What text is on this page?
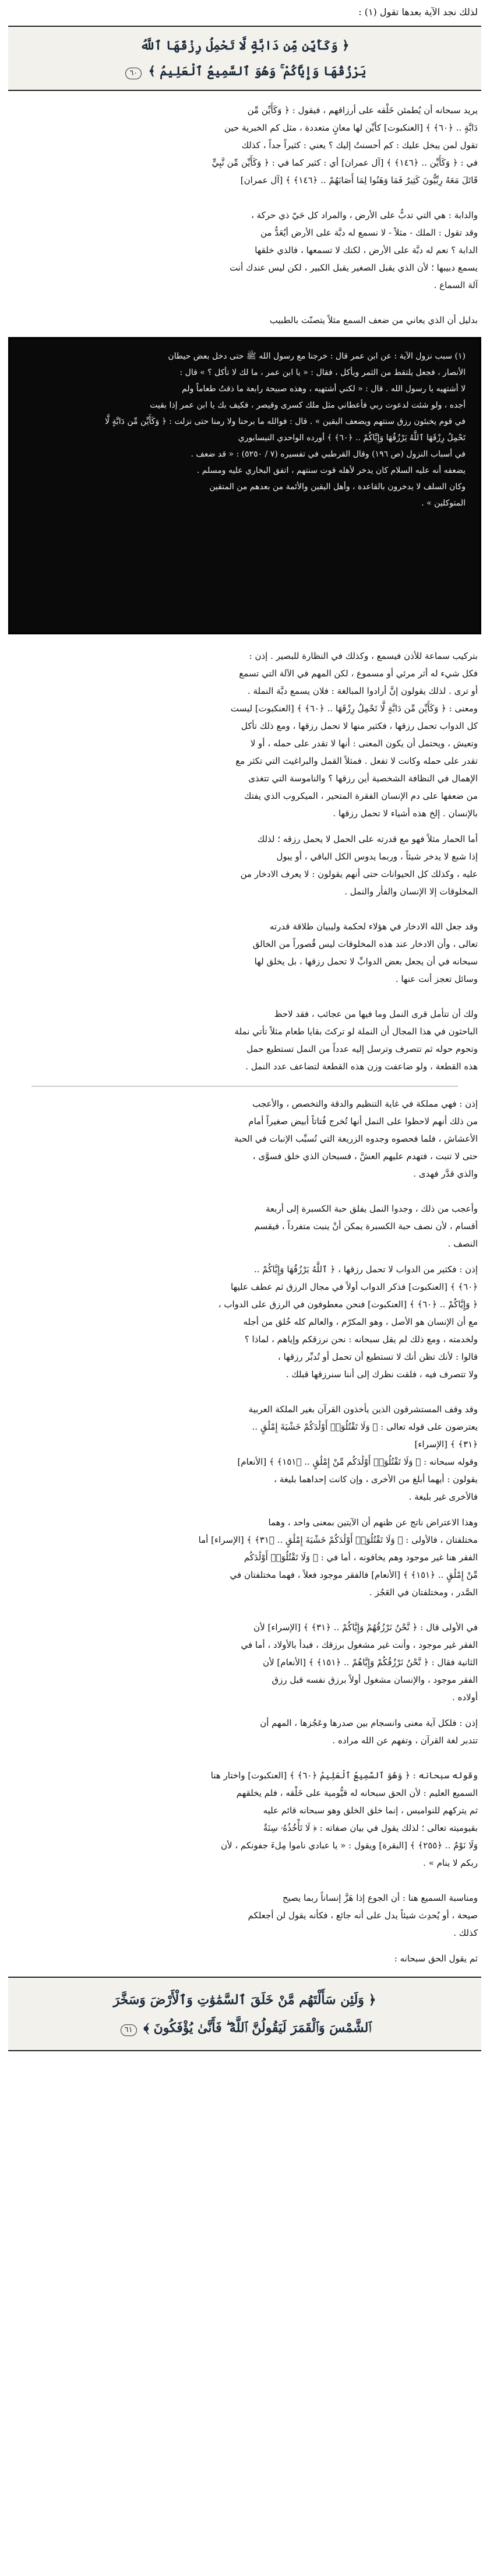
لذلك نجد الآية بعدها تقول (١) :
﴿ وَكَأَيِّن مِّن دَابَّةٍ لَّا تَحْمِلُ رِزْقَهَا ٱللَّهُ
يَرْزُقُهَا وَإِيَّاكُمْ ۚ وَهُوَ ٱلسَّمِيعُ ٱلْعَلِيمُ ﴾ ٦٠
يريد سبحانه أن يُطمئن خَلْقه على أرزاقهم ، فيقول : ﴿ وَكَأَيِّن مِّن
دَابَّةٍ .. ﴿٦٠﴾ ﴾ [العنكبوت] كأيِّن لها معانٍ متعددة ، مثل كم الخبرية حين
تقول لمن يبخل عليك : كم أحسنتُ إليك ؟ يعني : كثيراً جداً ، كذلك
في : ﴿ وَكَأَيِّن .. ﴿١٤٦﴾ ﴾ [آل عمران] أي : كثير كما في : ﴿ وَكَأَيِّن مِّن نَّبِيٍّ
قَاتَلَ مَعَهُ رِبِّيُّونَ كَثِيرٌ فَمَا وَهَنُوا لِمَا أَصَابَهُمْ .. ﴿١٤٦﴾ ﴾ [آل عمران]

والدابة : هي التي تدبُّ على الأرض ، والمراد كل حَيّ ذي حركة ،
وقد تقول : الملك - مثلاً - لا نسمع له دبَّة على الأرض أيُعَدُّ من
الدابة ؟ نعم له دبَّة على الأرض ، لكنك لا تسمعها ، فالذي خلقها
يسمع دبيبها ؛ لأن الذي يقبل الصغير يقبل الكبير ، لكن ليس عندك أنت
آلة السماع .

بدليل أن الذي يعاني من ضعف السمع مثلاً يتصنّت بالطبيب
(١) سبب نزول الآية : عن ابن عمر قال : خرجنا مع رسول الله ﷺ حتى دخل بعض حيطان
الأنصار ، فجعل يلتقط من الثمر ويأكل ، فقال : « يا ابن عمر ، ما لك لا تأكل ؟ » قال :
لا أشتهيه يا رسول الله . قال : « لكني أشتهيه ، وهذه صبيحة رابعة ما ذقتُ طعاماً ولم
أجده ، ولو شئت لدعوت ربي فأعطاني مثل ملك كسرى وقيصر ، فكيف بك يا ابن عمر إذا بقيت
في قوم يخبئون رزق سنتهم ويضعف اليقين » . قال : فوالله ما برحنا ولا رمنا حتى نزلت : ﴿ وَكَأَيِّن مِّن دَابَّةٍ لَّا
تَحْمِلُ رِزْقَهَا ٱللَّهُ يَرْزُقُهَا وَإِيَّاكُمْ .. ﴿٦٠﴾ ﴾ أورده الواحدي النيسابوري
في أسباب النزول (ص ١٩٦) وقال القرطبي في تفسيره (٧ / ٥٢٥٠) : « قد ضعف .
يضعفه أنه عليه السلام كان يدخر لأهله قوت سنتهم ، اتفق البخاري عليه ومسلم .
وكان السلف لا يدخرون بالقاعدة ، وأهل اليقين والأئمة من بعدهم من المتقين
المتوكلين » .
بتركيب سماعة للأذن فيسمع ، وكذلك في النظارة للبصير . إذن :
فكل شيء له أثر مرئي أو مسموع ، لكن المهم في الآلة التي تسمع
أو ترى . لذلك يقولون إنَّ أرادوا المبالغة : فلان يسمع دبَّة النملة .
ومعنى : ﴿ وَكَأَيِّن مِّن دَابَّةٍ لَّا تَحْمِلُ رِزْقَهَا .. ﴿٦٠﴾ ﴾ [العنكبوت] ليست
كل الدواب تحمل رزقها ، فكثير منها لا تحمل رزقها ، ومع ذلك تأكل
وتعيش ، ويحتمل أن يكون المعنى : أنها لا تقدر على حمله ، أو لا
تقدر على حمله وكانت لا تفعل . فمثلاً القمل والبراغيث التي تكثر مع
الإهمال في النظافة الشخصية أين رزقها ؟ والناموسة التي تتغذى
من ضعفها على دم الإنسان الفقرة المتحير ، الميكروب الذي يفتك
بالإنسان . إلخ هذه أشياء لا تحمل رزقها .
أما الحمار مثلاً فهو مع قدرته على الحمل لا يحمل رزقه ؛ لذلك
إذا شبع لا يدخر شيئاً ، وربما يدوس الكل الباقي ، أو يبول
عليه ، وكذلك كل الحيوانات حتى أنهم يقولون : لا يعرف الادخار من
المخلوقات إلا الإنسان والفأر والنمل .

وقد جعل الله الادخار في هؤلاء لحكمة وليبيان طلاقة قدرته
تعالى ، وأن الادخار عند هذه المخلوقات ليس قُصوراً من الخالق
سبحانه في أن يجعل بعض الدوابِّ لا تحمل رزقها ، بل يخلق لها
وسائل تعجز أنت عنها .

ولك أن تتأمل قرى النمل وما فيها من عجائب ، فقد لاحظ
الباحثون في هذا المجال أن النملة لو تركتَ بقايا طعام مثلاً تأتي نملة
وتحوم حوله ثم تتصرف وترسل إليه عدداً من النمل تستطيع حمل
هذه القطعة ، ولو ضاعفت وزن هذه القطعة لتضاعف عدد النمل .
إذن : فهي مملكة في غاية التنظيم والدقة والتخصص ، والأعجب
من ذلك أنهم لاحظوا على النمل أنها تُخرج فُتاتاً أبيض صغيراً أمام
الأعشاش ، فلما فحصوه وجدوه الزريعة التي تُسبِّب الإنبات في الحبة
حتى لا تنبت ، فتهدم عليهم العشَّ ، فسبحان الذي خلق فسوَّى ،
والذي قدَّر فهدى .

وأعجب من ذلك ، وجدوا النمل يفلق حبة الكسبرة إلى أربعة
أقسام ، لأن نصف حبة الكسبرة يمكن أنْ ينبت متفرداً ، فيقسم
النصف .
إذن : فكثير من الدواب لا تحمل رزقها ، ﴿ ٱللَّهُ يَرْزُقُهَا وَإِيَّاكُمْ ..
﴿٦٠﴾ ﴾ [العنكبوت] فذكر الدواب أولاً في مجال الرزق ثم عطف عليها
﴿ وَإِيَّاكُمْ .. ﴿٦٠﴾ ﴾ [العنكبوت] فنحن معطوفون في الرزق على الدواب ،
مع أن الإنسان هو الأصل ، وهو المكرّم ، والعالم كله خُلق من أجله
ولخدمته ، ومع ذلك لم يقل سبحانه : نحن نرزقكم وإياهم ، لماذا ؟
قالوا : لأنك تظن أنك لا تستطيع أن تحمل أو تُدبِّر رزقها ،
ولا تتصرف فيه ، فلقت نظرك إلى أننا سنرزقها قبلك .

وقد وقف المستشرقون الذين يأخذون القرآن بغير الملكة العربية
يعترضون على قوله تعالى : ﴿ وَلَا تَقْتُلُوٓا۟ أَوْلَٰدَكُمْ خَشْيَةَ إِمْلَٰقٍ ..
﴿٣١﴾ ﴾ [الإسراء]
وقوله سبحانه : ﴿ وَلَا تَقْتُلُوٓا۟ أَوْلَٰدَكُم مِّنْ إِمْلَٰقٍ .. ﴿١٥١﴾ ﴾ [الأنعام]
يقولون : أيهما أبلغ من الأخرى ، وإن كانت إحداهما بليغة ،
فالأخرى غير بليغة .
وهذا الاعتراض ناتج عن ظنهم أن الآيتين بمعنى واحد ، وهما
مختلفتان ، فالأولى : ﴿ وَلَا تَقْتُلُوٓا۟ أَوْلَٰدَكُمْ خَشْيَةَ إِمْلَٰقٍ .. ﴿٣١﴾ ﴾ [الإسراء] أما
الفقر هنا غير موجود وهم يخافونه ، أما في : ﴿ وَلَا تَقْتُلُوٓا۟ أَوْلَٰدَكُم
مِّنْ إِمْلَٰقٍ .. ﴿١٥١﴾ ﴾ [الأنعام] فالفقر موجود فعلاً ، فهما مختلفتان في
الصَّدر ، ومختلفتان في العَجُز .

في الأولى قال : ﴿ نَّحْنُ نَرْزُقُهُمْ وَإِيَّاكُمْ .. ﴿٣١﴾ ﴾ [الإسراء] لأن
الفقر غير موجود ، وأنت غير مشغول برزقك ، فبدأ بالأولاد ، أما في
الثانية فقال : ﴿ نَّحْنُ نَرْزُقُكُمْ وَإِيَّاهُمْ .. ﴿١٥١﴾ ﴾ [الأنعام] لأن
الفقر موجود ، والإنسان مشغول أولاً برزق نفسه قبل رزق
أولاده .
إذن : فلكل آية معنى وانسجام بين صدرها وعَجُزها ، المهم أن
تتدبر لغة القرآن ، وتفهم عن الله مراده .

وقوله سبحانه : ﴿ وَهُوَ ٱلسَّمِيعُ ٱلْعَلِيمُ ﴿٦٠﴾ ﴾ [العنكبوت] واختار هنا
السميع العليم : لأن الحق سبحانه له قيُّومية على خَلْقه ، فلم يخلقهم
ثم يتركهم للنواميس ، إنما خلق الخلق وهو سبحانه قائم عليه
بقيوميته تعالى ؛ لذلك يقول في بيان صفاته : ﴿ لَا تَأْخُذُهُۥ سِنَةٌ
وَلَا نَوْمٌ .. ﴿٢٥٥﴾ ﴾ [البقرة] ويقول : « يا عبادي ناموا مِلءَ جفونكم ، لأن
ربكم لا ينام » .

ومناسبة السميع هنا : أن الجوع إذا هَزَّ إنساناً ربما يصيح
صيحة ، أو يُحدِث شيئاً يدل على أنه جائع ، فكأنه يقول لن أجعلكم
كذلك .
ثم يقول الحق سبحانه :
﴿ وَلَئِن سَأَلْتَهُم مَّنْ خَلَقَ ٱلسَّمَٰوَٰتِ وَٱلْأَرْضَ وَسَخَّرَ
ٱلشَّمْسَ وَٱلْقَمَرَ لَيَقُولُنَّ ٱللَّهُ ۖ فَأَنَّىٰ يُؤْفَكُونَ ﴾ ٦١
